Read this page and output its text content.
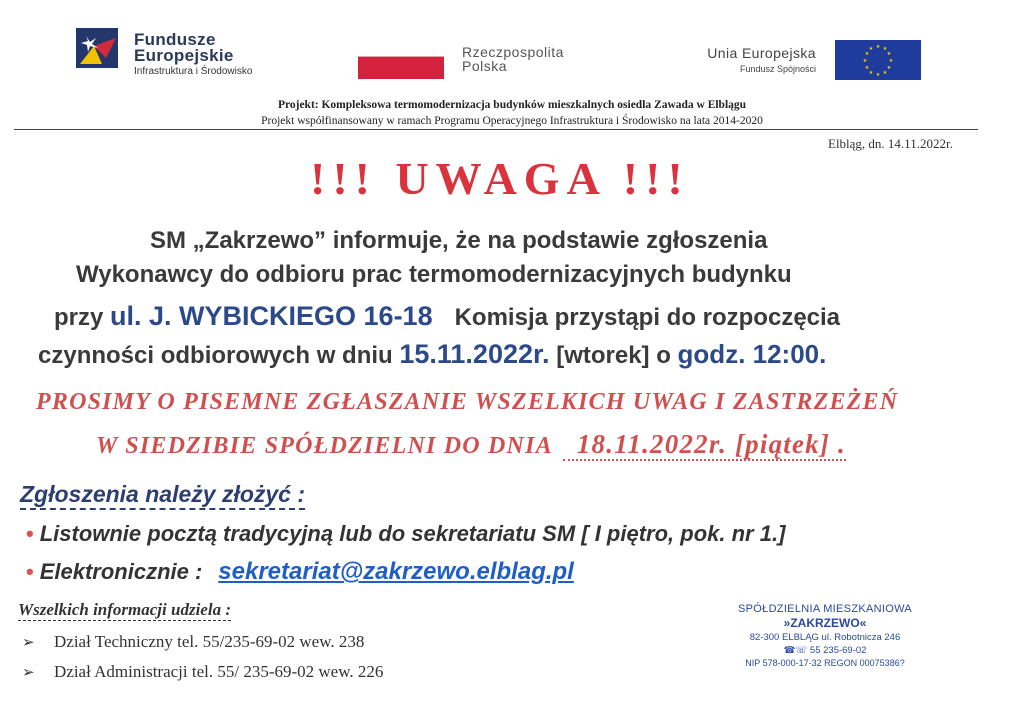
Fundusze
Europejskie
Infrastruktura i Środowisko
Rzeczpospolita
Polska
Unia Europejska
Fundusz Spójności
★ ★
★
★
★
★
★
★
★
★
★
★
Projekt: Kompleksowa termomodernizacja budynków mieszkalnych osiedla Zawada w Elblągu
Projekt współfinansowany w ramach Programu Operacyjnego Infrastruktura i Środowisko na lata 2014-2020
Elbląg, dn. 14.11.2022r.
!!! UWAGA !!!
SM „Zakrzewo” informuje, że na podstawie zgłoszenia
Wykonawcy do odbioru prac termomodernizacyjnych budynku
przy ul. J. WYBICKIEGO 16-18 Komisja przystąpi do rozpoczęcia
czynności odbiorowych w dniu 15.11.2022r. [wtorek] o godz. 12:00.
PROSIMY O PISEMNE ZGŁASZANIE WSZELKICH UWAG I ZASTRZEŻEŃ
W SIEDZIBIE SPÓŁDZIELNI DO DNIA 18.11.2022r. [piątek] .
Zgłoszenia należy złożyć :
• Listownie pocztą tradycyjną lub do sekretariatu SM [ I piętro, pok. nr 1.]
• Elektronicznie : sekretariat@zakrzewo.elblag.pl
Wszelkich informacji udziela :
➢ Dział Techniczny tel. 55/235-69-02 wew. 238
➢ Dział Administracji tel. 55/ 235-69-02 wew. 226
SPÓŁDZIELNIA MIESZKANIOWA
»ZAKRZEWO«
82-300 ELBLĄG ul. Robotnicza 246
☎☏ 55 235-69-02
NIP 578-000-17-32 REGON 00075386?
